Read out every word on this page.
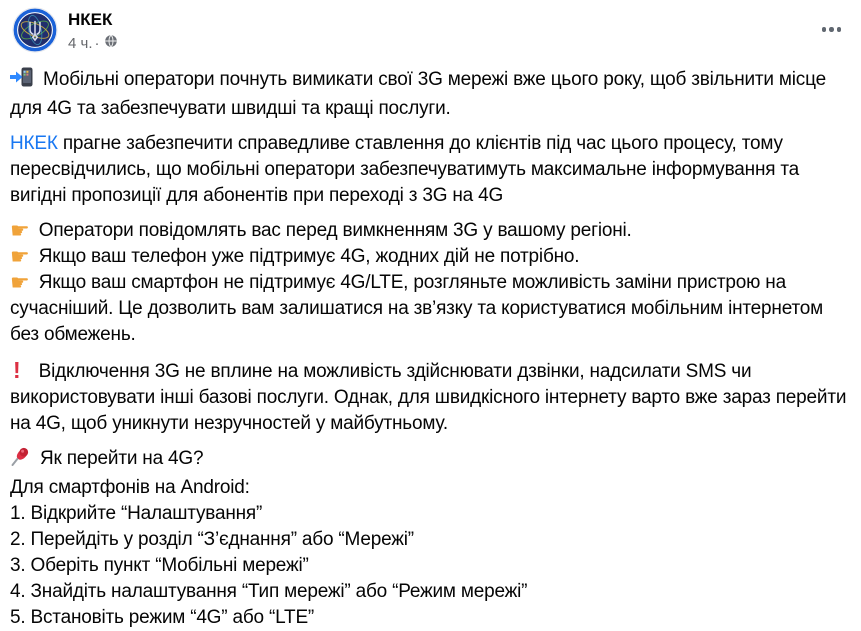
НКЕК
4 ч. ·

Мобільні оператори почнуть вимикати свої 3G мережі вже цього року, щоб звільнити місце для 4G та забезпечувати швидші та кращі послуги.

НКЕК прагне забезпечити справедливе ставлення до клієнтів під час цього процесу, тому пересвідчились, що мобільні оператори забезпечуватимуть максимальне інформування та вигідні пропозиції для абонентів при переході з 3G на 4G

☛ Оператори повідомлять вас перед вимкненням 3G у вашому регіоні.
☛ Якщо ваш телефон уже підтримує 4G, жодних дій не потрібно.
☛ Якщо ваш смартфон не підтримує 4G/LTE, розгляньте можливість заміни пристрою на сучасніший. Це дозволить вам залишатися на зв’язку та користуватися мобільним інтернетом без обмежень.

! Відключення 3G не вплине на можливість здійснювати дзвінки, надсилати SMS чи використовувати інші базові послуги. Однак, для швидкісного інтернету варто вже зараз перейти на 4G, щоб уникнути незручностей у майбутньому.

Як перейти на 4G?

Для смартфонів на Android:

1. Відкрийте “Налаштування”

2. Перейдіть у розділ “З’єднання” або “Мережі”

3. Оберіть пункт “Мобільні мережі”

4. Знайдіть налаштування “Тип мережі” або “Режим мережі”

5. Встановіть режим “4G” або “LTE”
